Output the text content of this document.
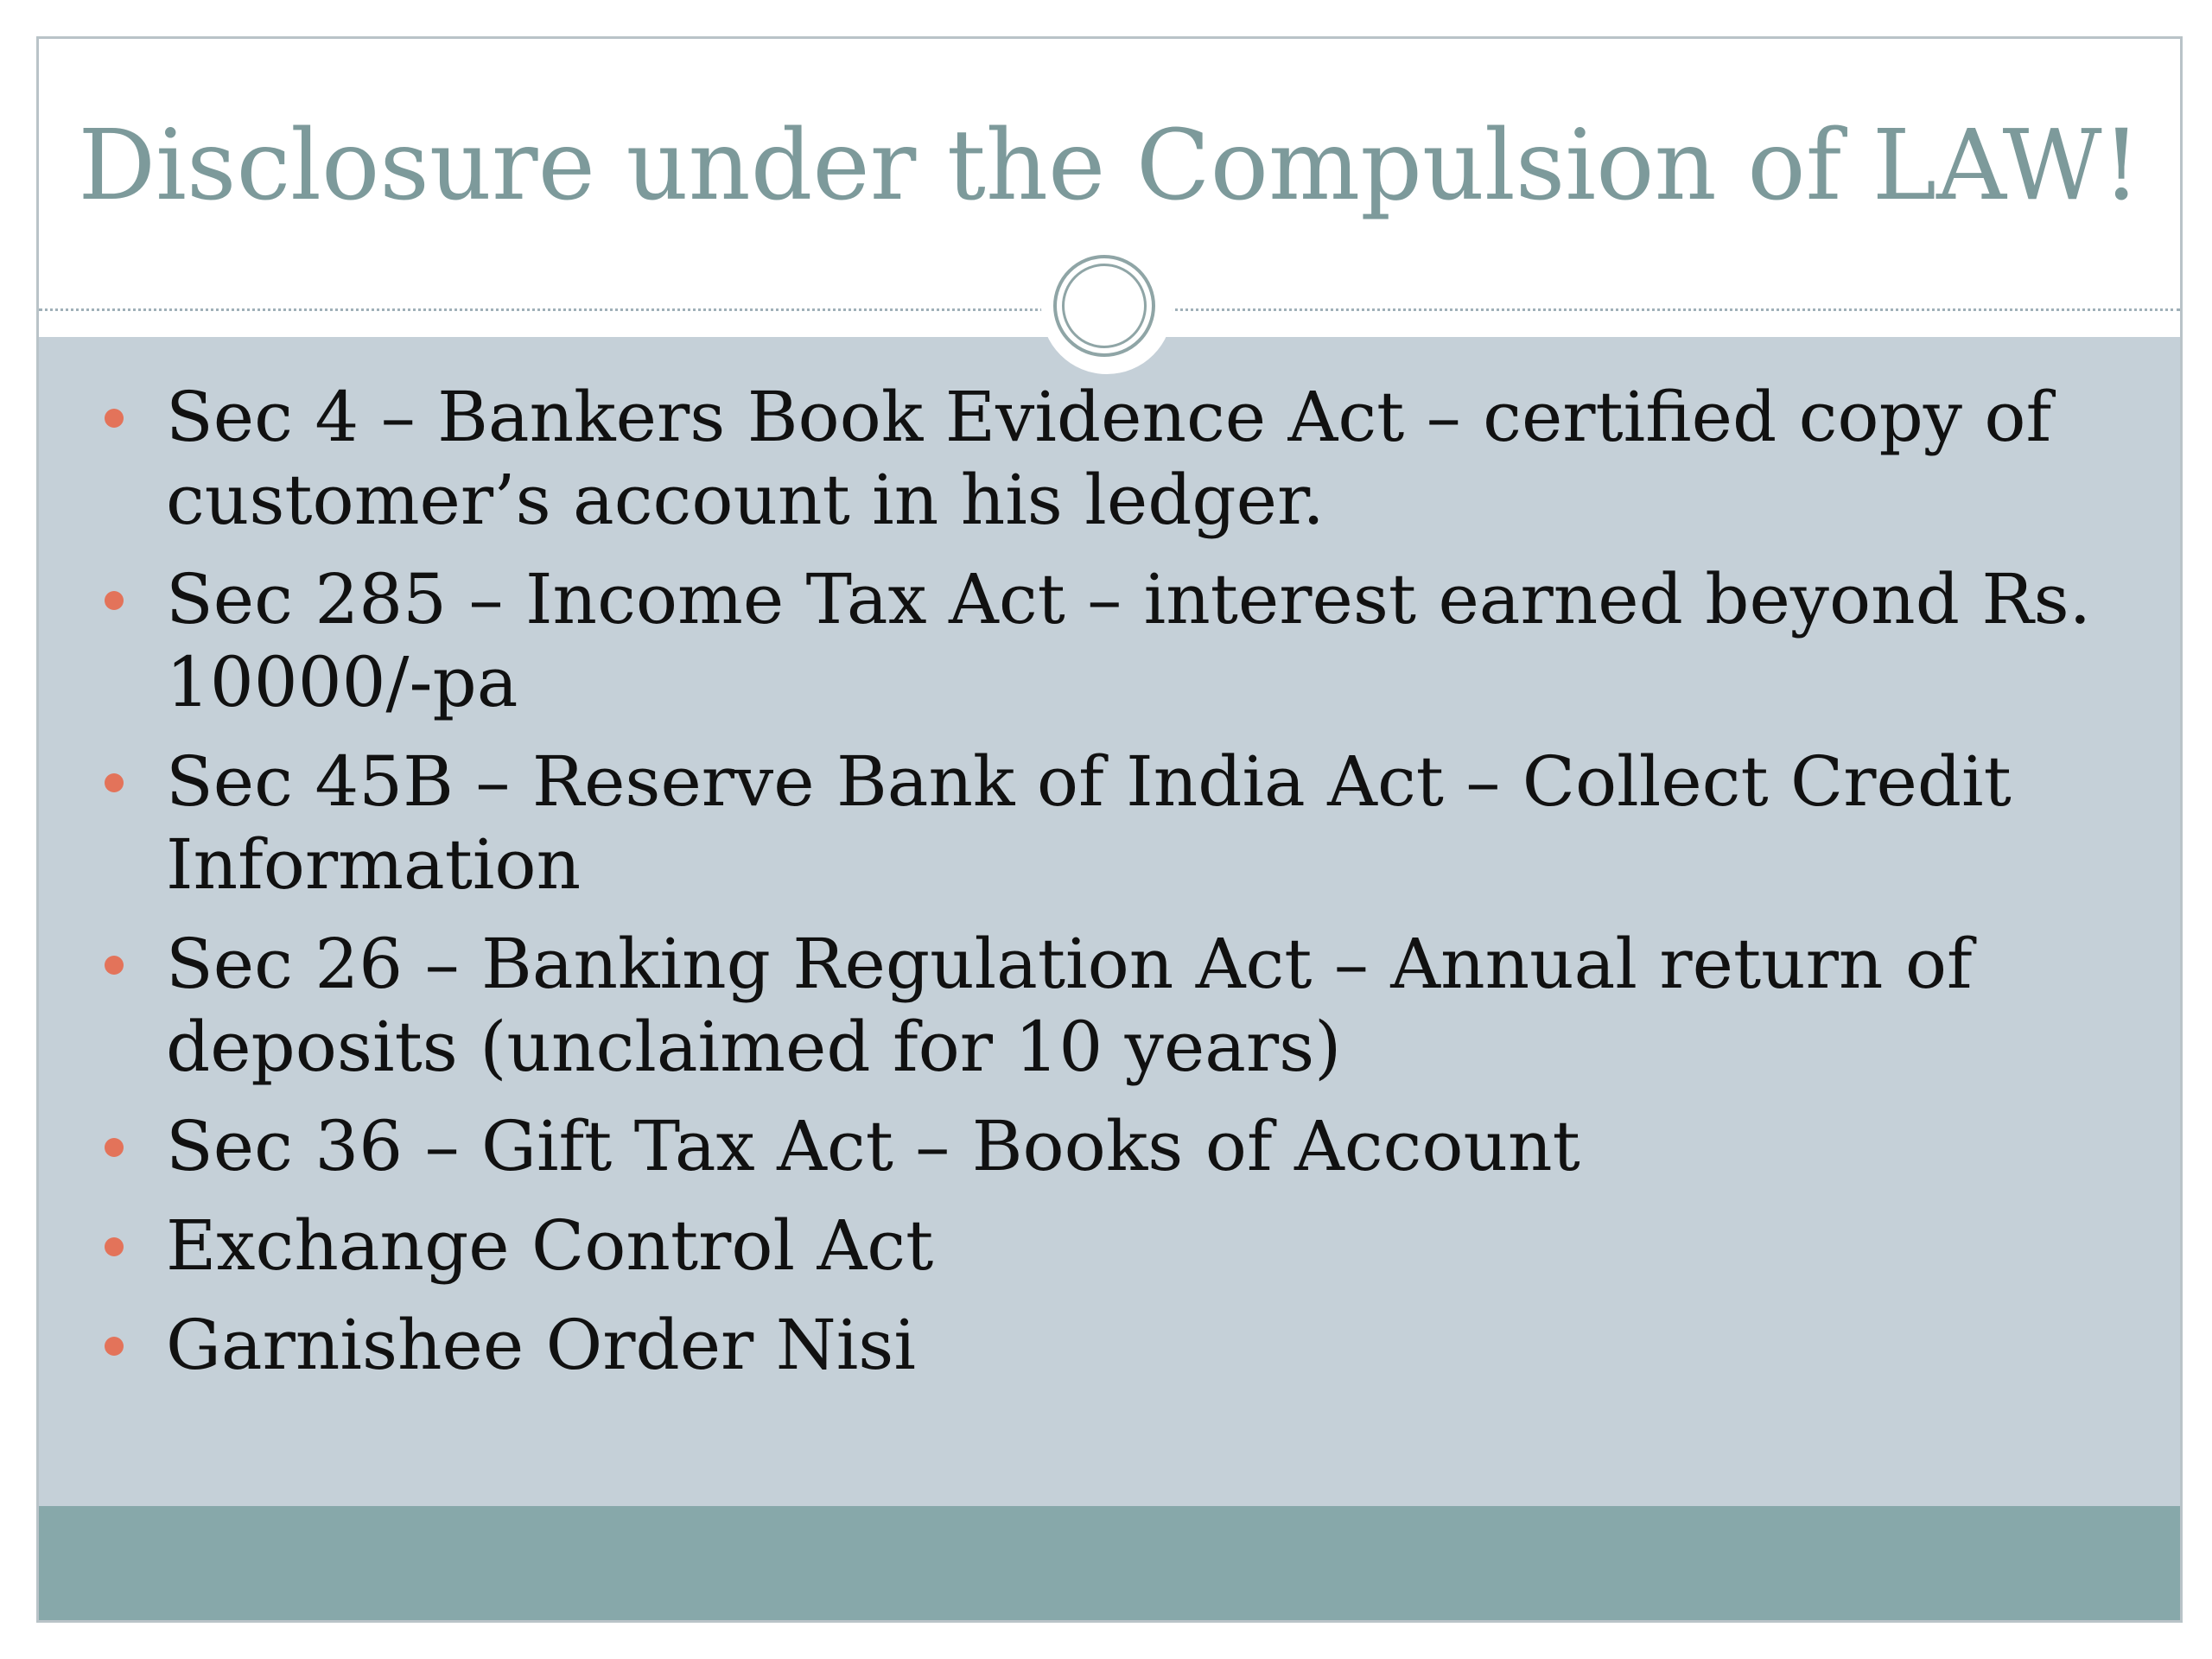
Disclosure under the Compulsion of LAW!
Sec 4 – Bankers Book Evidence Act – certified copy of customer’s account in his ledger.
Sec 285 – Income Tax Act – interest earned beyond Rs. 10000/-pa
Sec 45B – Reserve Bank of India Act – Collect Credit Information
Sec 26 – Banking Regulation Act – Annual return of deposits (unclaimed for 10 years)
Sec 36 – Gift Tax Act – Books of Account
Exchange Control Act
Garnishee Order Nisi
